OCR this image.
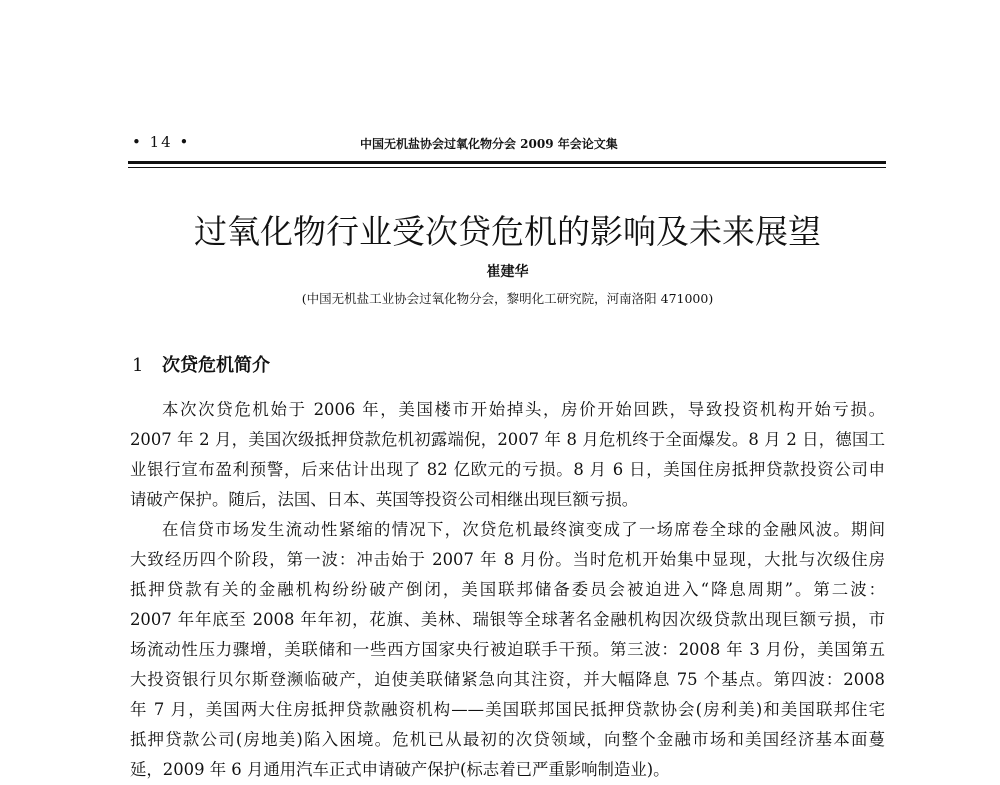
• 14 •	中国无机盐协会过氧化物分会 2009 年会论文集
过氧化物行业受次贷危机的影响及未来展望
崔建华
(中国无机盐工业协会过氧化物分会，黎明化工研究院，河南洛阳 471000)
1 次贷危机简介
本次次贷危机始于 2006 年，美国楼市开始掉头，房价开始回跌，导致投资机构开始亏损。
2007 年 2 月，美国次级抵押贷款危机初露端倪，2007 年 8 月危机终于全面爆发。8 月 2 日，德国工
业银行宣布盈利预警，后来估计出现了 82 亿欧元的亏损。8 月 6 日，美国住房抵押贷款投资公司申
请破产保护。随后，法国、日本、英国等投资公司相继出现巨额亏损。
在信贷市场发生流动性紧缩的情况下，次贷危机最终演变成了一场席卷全球的金融风波。期间
大致经历四个阶段，第一波：冲击始于 2007 年 8 月份。当时危机开始集中显现，大批与次级住房
抵押贷款有关的金融机构纷纷破产倒闭，美国联邦储备委员会被迫进入“降息周期”。第二波：
2007 年年底至 2008 年年初，花旗、美林、瑞银等全球著名金融机构因次级贷款出现巨额亏损，市
场流动性压力骤增，美联储和一些西方国家央行被迫联手干预。第三波：2008 年 3 月份，美国第五
大投资银行贝尔斯登濒临破产，迫使美联储紧急向其注资，并大幅降息 75 个基点。第四波：2008
年 7 月，美国两大住房抵押贷款融资机构——美国联邦国民抵押贷款协会(房利美)和美国联邦住宅
抵押贷款公司(房地美)陷入困境。危机已从最初的次贷领域，向整个金融市场和美国经济基本面蔓
延，2009 年 6 月通用汽车正式申请破产保护(标志着已严重影响制造业)。
